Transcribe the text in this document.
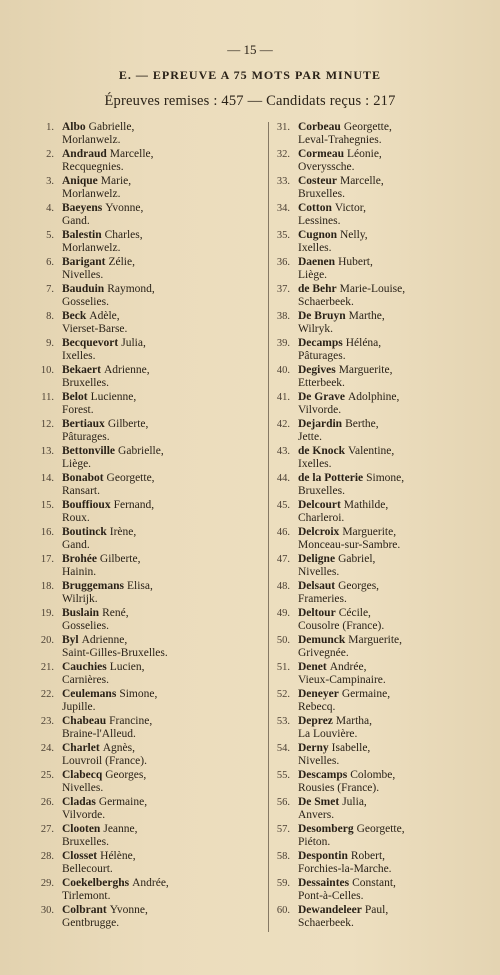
— 15 —
E. — EPREUVE A 75 MOTS PAR MINUTE
Épreuves remises : 457 — Candidats reçus : 217
1. Albo Gabrielle,
Morlanwelz.
2. Andraud Marcelle,
Recquegnies.
3. Anique Marie,
Morlanwelz.
4. Baeyens Yvonne,
Gand.
5. Balestin Charles,
Morlanwelz.
6. Barigant Zélie,
Nivelles.
7. Bauduin Raymond,
Gosselies.
8. Beck Adèle,
Vierset-Barse.
9. Becquevort Julia,
Ixelles.
10. Bekaert Adrienne,
Bruxelles.
11. Belot Lucienne,
Forest.
12. Bertiaux Gilberte,
Pâturages.
13. Bettonville Gabrielle,
Liège.
14. Bonabot Georgette,
Ransart.
15. Bouffioux Fernand,
Roux.
16. Boutinck Irène,
Gand.
17. Brohée Gilberte,
Hainin.
18. Bruggemans Elisa,
Wilrijk.
19. Buslain René,
Gosselies.
20. Byl Adrienne,
Saint-Gilles-Bruxelles.
21. Cauchies Lucien,
Carnières.
22. Ceulemans Simone,
Jupille.
23. Chabeau Francine,
Braine-l'Alleud.
24. Charlet Agnès,
Louvroil (France).
25. Clabecq Georges,
Nivelles.
26. Cladas Germaine,
Vilvorde.
27. Clooten Jeanne,
Bruxelles.
28. Closset Hélène,
Bellecourt.
29. Coekelberghs Andrée,
Tirlemont.
30. Colbrant Yvonne,
Gentbrugge.
31. Corbeau Georgette,
Leval-Trahegnies.
32. Cormeau Léonie,
Overyssche.
33. Costeur Marcelle,
Bruxelles.
34. Cotton Victor,
Lessines.
35. Cugnon Nelly,
Ixelles.
36. Daenen Hubert,
Liège.
37. de Behr Marie-Louise,
Schaerbeek.
38. De Bruyn Marthe,
Wilryk.
39. Decamps Héléna,
Pâturages.
40. Degives Marguerite,
Etterbeek.
41. De Grave Adolphine,
Vilvorde.
42. Dejardin Berthe,
Jette.
43. de Knock Valentine,
Ixelles.
44. de la Potterie Simone,
Bruxelles.
45. Delcourt Mathilde,
Charleroi.
46. Delcroix Marguerite,
Monceau-sur-Sambre.
47. Deligne Gabriel,
Nivelles.
48. Delsaut Georges,
Frameries.
49. Deltour Cécile,
Cousolre (France).
50. Demunck Marguerite,
Grivegnée.
51. Denet Andrée,
Vieux-Campinaire.
52. Deneyer Germaine,
Rebecq.
53. Deprez Martha,
La Louvière.
54. Derny Isabelle,
Nivelles.
55. Descamps Colombe,
Rousies (France).
56. De Smet Julia,
Anvers.
57. Desomberg Georgette,
Piéton.
58. Despontin Robert,
Forchies-la-Marche.
59. Dessaintes Constant,
Pont-à-Celles.
60. Dewandeleer Paul,
Schaerbeek.
